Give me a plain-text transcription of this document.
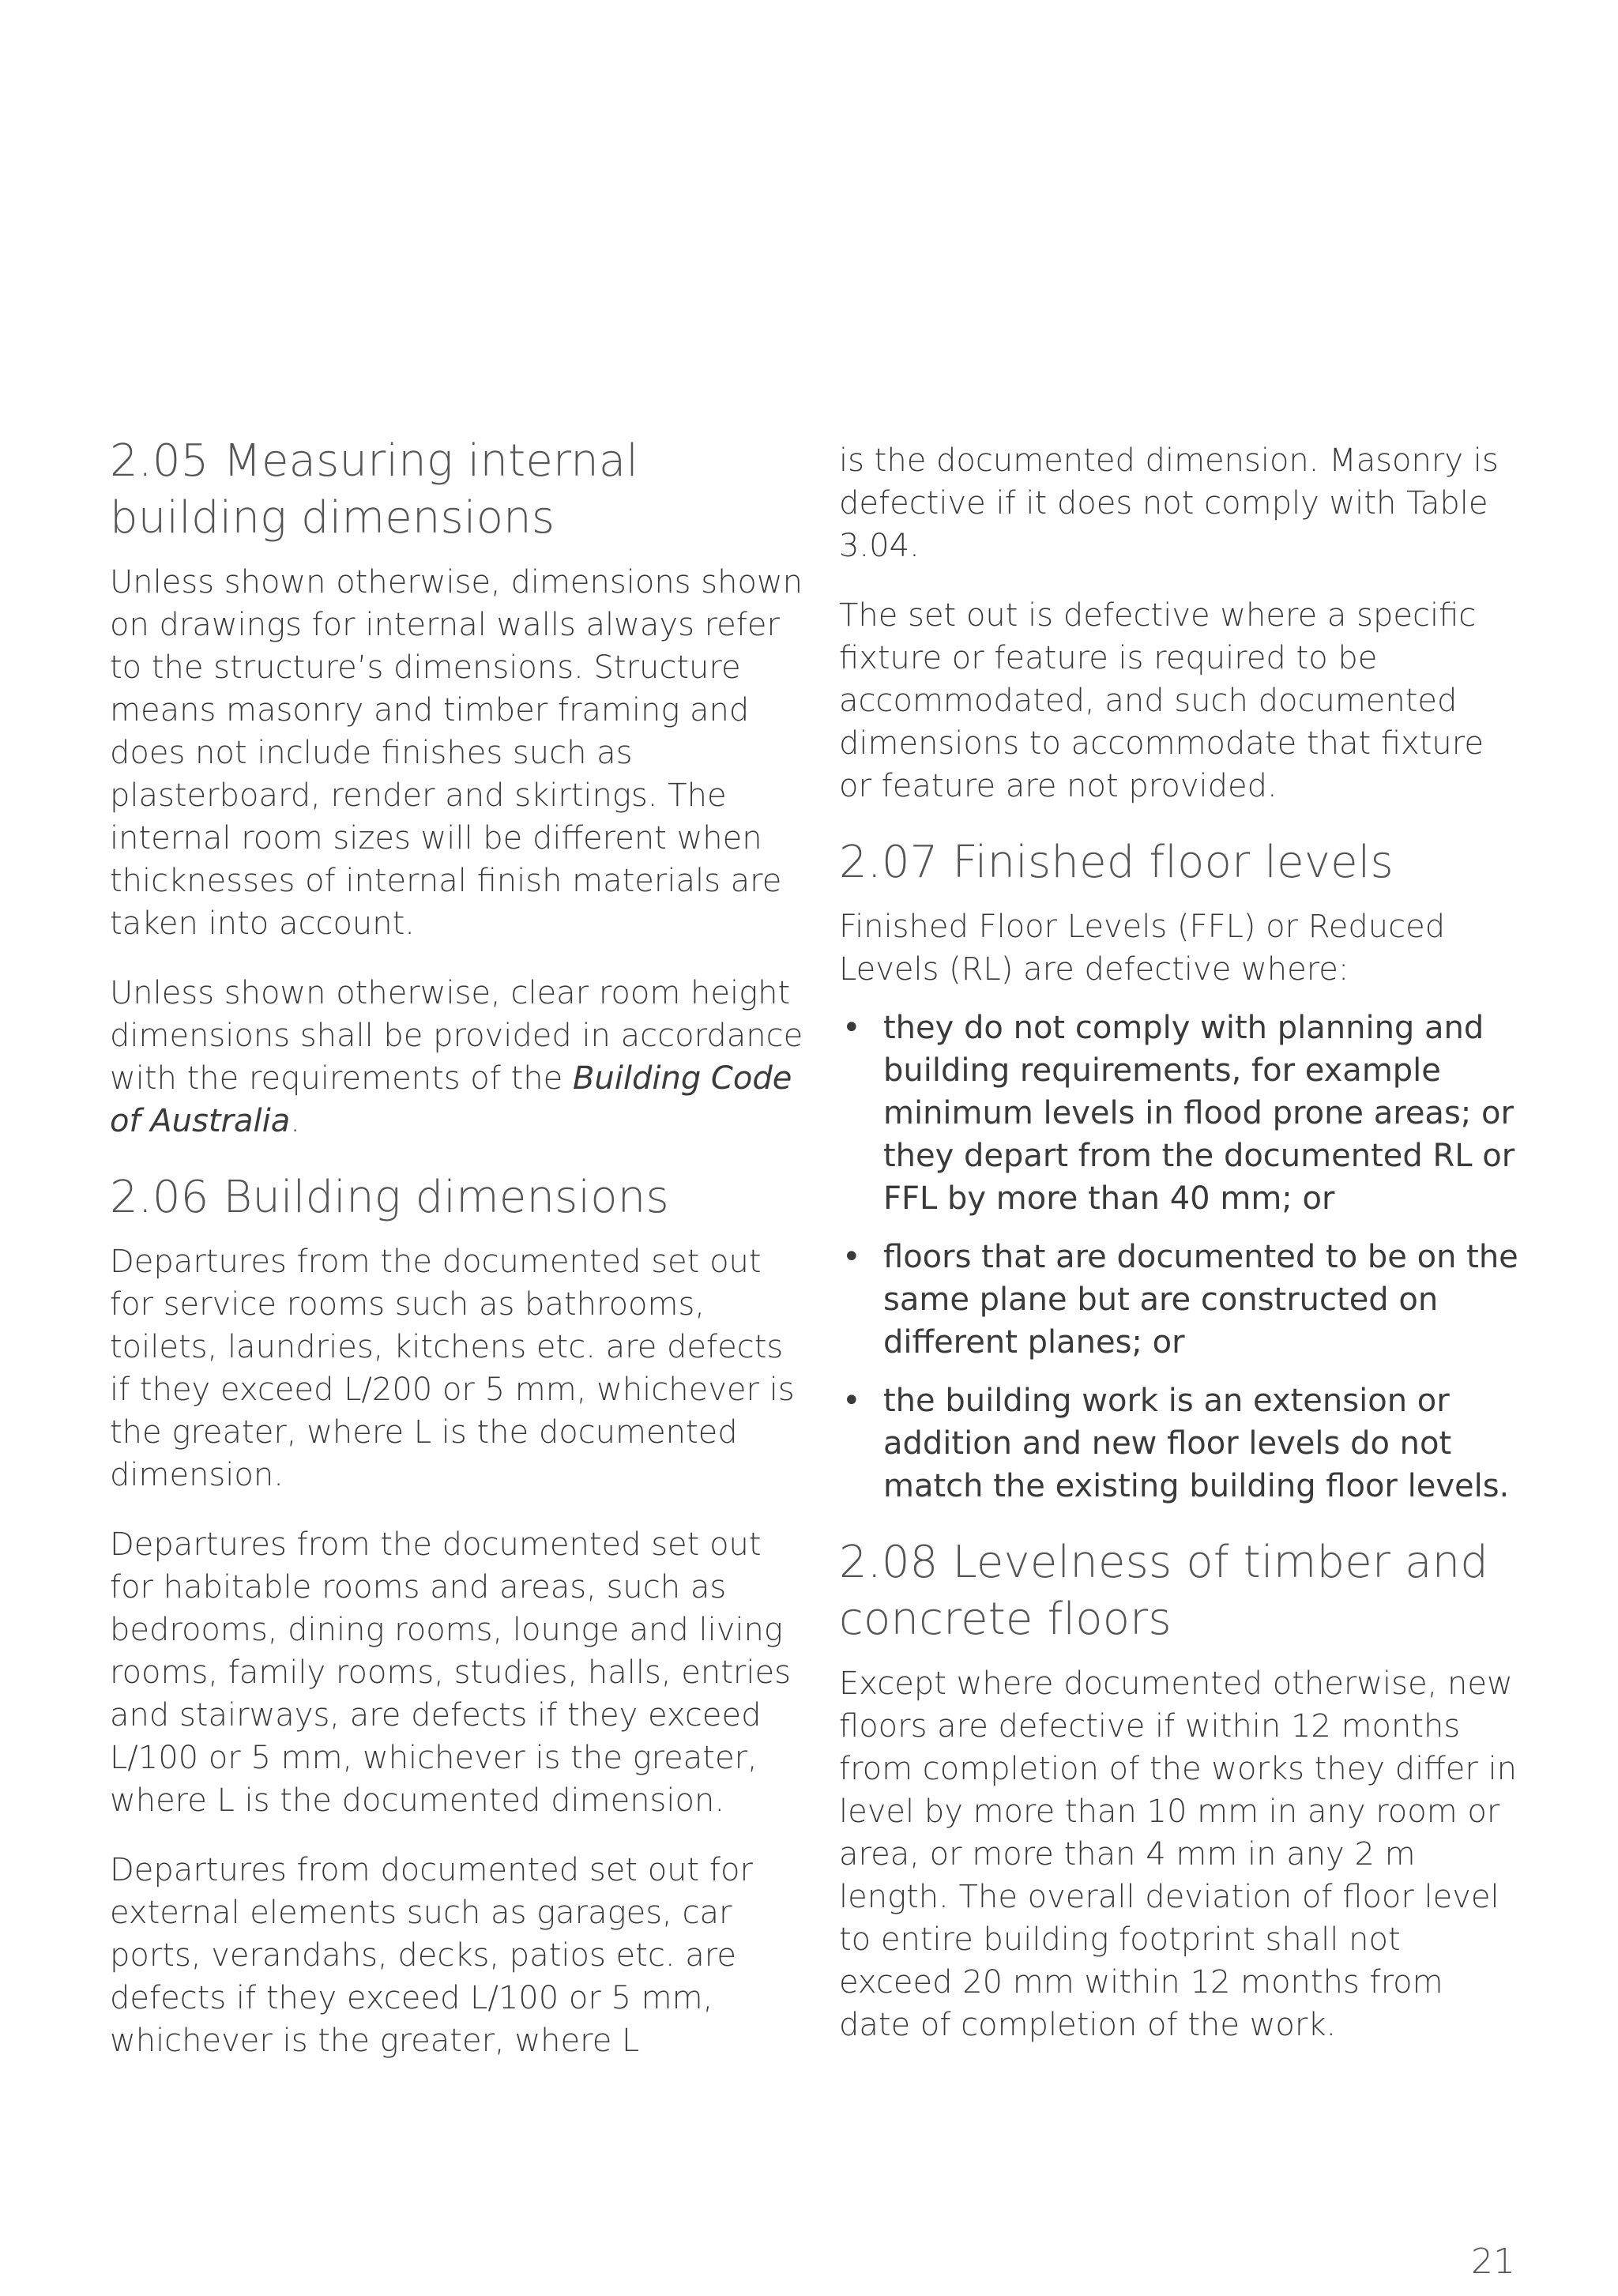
2.05 Measuring internal building dimensions

Unless shown otherwise, dimensions shown on drawings for internal walls always refer to the structure’s dimensions. Structure means masonry and timber framing and does not include finishes such as plasterboard, render and skirtings. The internal room sizes will be different when thicknesses of internal finish materials are taken into account.

Unless shown otherwise, clear room height dimensions shall be provided in accordance with the requirements of the Building Code of Australia.

2.06 Building dimensions

Departures from the documented set out for service rooms such as bathrooms, toilets, laundries, kitchens etc. are defects if they exceed L/200 or 5 mm, whichever is the greater, where L is the documented dimension.

Departures from the documented set out for habitable rooms and areas, such as bedrooms, dining rooms, lounge and living rooms, family rooms, studies, halls, entries and stairways, are defects if they exceed L/100 or 5 mm, whichever is the greater, where L is the documented dimension.

Departures from documented set out for external elements such as garages, car ports, verandahs, decks, patios etc. are defects if they exceed L/100 or 5 mm, whichever is the greater, where L

is the documented dimension. Masonry is defective if it does not comply with Table 3.04.

The set out is defective where a specific fixture or feature is required to be accommodated, and such documented dimensions to accommodate that fixture or feature are not provided.

2.07 Finished floor levels

Finished Floor Levels (FFL) or Reduced Levels (RL) are defective where:

• they do not comply with planning and building requirements, for example minimum levels in flood prone areas; or they depart from the documented RL or FFL by more than 40 mm; or
• floors that are documented to be on the same plane but are constructed on different planes; or
• the building work is an extension or addition and new floor levels do not match the existing building floor levels.
2.08 Levelness of timber and concrete floors

Except where documented otherwise, new floors are defective if within 12 months from completion of the works they differ in level by more than 10 mm in any room or area, or more than 4 mm in any 2 m length. The overall deviation of floor level to entire building footprint shall not exceed 20 mm within 12 months from date of completion of the work.

21
